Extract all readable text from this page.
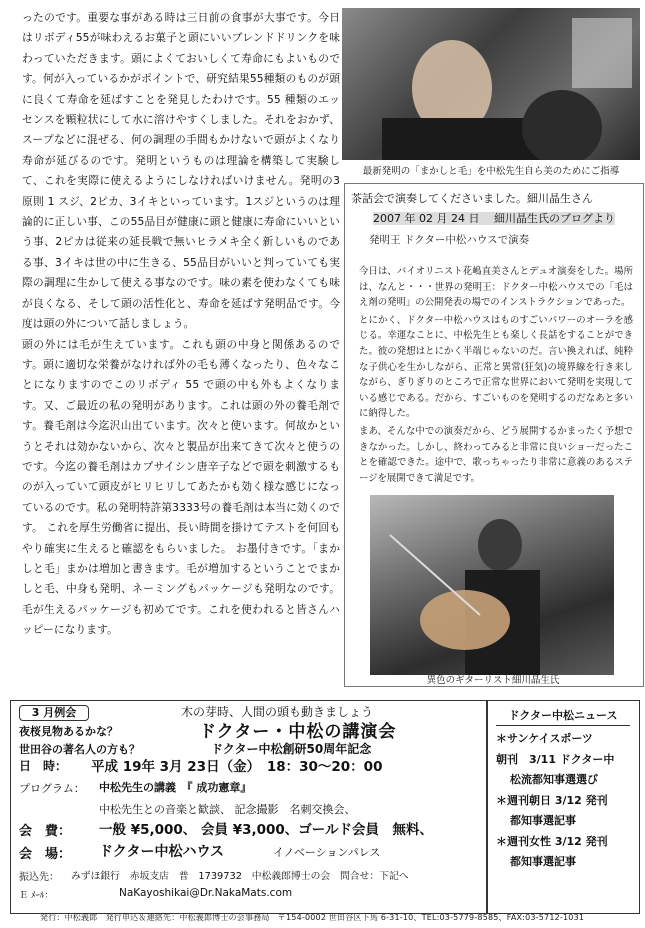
ったのです。重要な事がある時は三日前の食事が大事です。今日はリボディ55が味わえるお菓子と頭にいいブレンドドリンクを味わっていただきます。頭によくておいしくて寿命にもよいものです。何が入っているかがポイントで、研究結果55種類のものが頭に良くて寿命を延ばすことを発見したわけです。55 種類のエッセンスを顆粒状にして水に溶けやすくしました。それをおかず、スープなどに混ぜる、何の調理の手間もかけないで頭がよくなり寿命が延びるのです。発明というものは理論を構築して実験して、これを実際に使えるようにしなければいけません。発明の3原則 1 スジ、2ピカ、3イキといっています。1スジというのは理論的に正しい事、この55品目が健康に頭と健康に寿命にいいという事、2ピカは従来の延長戦で無いヒラメキ全く新しいものである事、3イキは世の中に生きる、55品目がいいと判っていても実際の調理に生かして使える事なのです。味の素を使わなくても味が良くなる、そして頭の活性化と、寿命を延ばす発明品です。今度は頭の外について話しましょう。

頭の外には毛が生えています。これも頭の中身と関係あるのです。頭に適切な栄養がなければ外の毛も薄くなったり、色々なことになりますのでこのリボディ 55 で頭の中も外もよくなります。又、ご最近の私の発明があります。これは頭の外の養毛剤です。養毛剤は今迄沢山出ています。次々と使います。何故かというとそれは効かないから、次々と製品が出来てきて次々と使うのです。今迄の養毛剤はカプサイシン唐辛子などで頭を刺激するものが入っていて頭皮がヒリヒリしてあたかも効く様な感じになっているのです。私の発明特許第3333号の養毛剤は本当に効くのです。 これを厚生労働省に提出、長い時間を掛けてテストを何回もやり確実に生えると確認をもらいました。 お墨付きです。「まかしと毛」まかは増加と書きます。毛が増加するということでまかしと毛、中身も発明、ネーミングもパッケージも発明なのです。毛が生えるパッケージも初めてです。これを使われると皆さんハッピーになります。

最新発明の「まかしと毛」を中松先生自ら美のためにご指導
茶話会で演奏してくださいました。細川晶生さん
2007 年 02 月 24 日　 細川晶生氏のブログより
発明王 ドクター中松ハウスで演奏

今日は、バイオリニスト花嶋直美さんとデュオ演奏をした。場所は、なんと・・・世界の発明王：ドクター中松ハウスでの「毛はえ剤の発明」の公開発表の場でのインストラクションであった。

とにかく、ドクター中松ハウスはものすごいパワーのオーラを感じる。幸運なことに、中松先生とも楽しく長話をすることができた。彼の発想はとにかく半端じゃないのだ。言い換えれば、純粋な子供心を生かしながら、正常と異常(狂気)の境界線を行き来しながら、ぎりぎりのところで正常な世界において発明を実現している感じである。だから、すごいものを発明するのだなあと多いに納得した。

まあ、そんな中での演奏だから、どう展開するかまったく予想できなかった。しかし、終わってみると非常に良いショーだったことを確認できた。途中で、歌っちゃったり非常に意義のあるステージを展開できて満足です。

異色のギターリスト細川晶生氏
3 月例会	木の芽時、人間の頭も動きましょう
夜桜見物あるかな？
世田谷の著名人の方も？
ドクター・中松の講演会
ドクター中松創研50周年記念
日　時： 平成 19年 3月 23日（金）　18：30～20：00
プログラム： 中松先生の講義　『 成功憲章』
中松先生との音楽と歓談、 記念撮影　名刺交換会、
会　費： 一般 ¥5,000、 会員 ¥3,000、ゴールド会員　無料、
会　場： ドクター中松ハウス	イノベーションパレス
振込先： みずほ銀行　赤坂支店　普　1739732　中松義郎博士の会　問合せ：下記へ
Ｅ ﾒｰﾙ：	NaKayoshikai@Dr.NakaMats.com
ドクター中松ニュース
＊サンケイスポーツ
朝刊　3/11 ドクター中
松流都知事選選び
＊週刊朝日 3/12 発刊
都知事選記事
＊週刊女性 3/12 発刊
都知事選記事
発行：中松義郎　発行申込＆連絡先：中松義郎博士の会事務局　〒154-0002 世田谷区下馬 6-31-10、TEL:03-5779-8585、FAX:03-5712-1031
